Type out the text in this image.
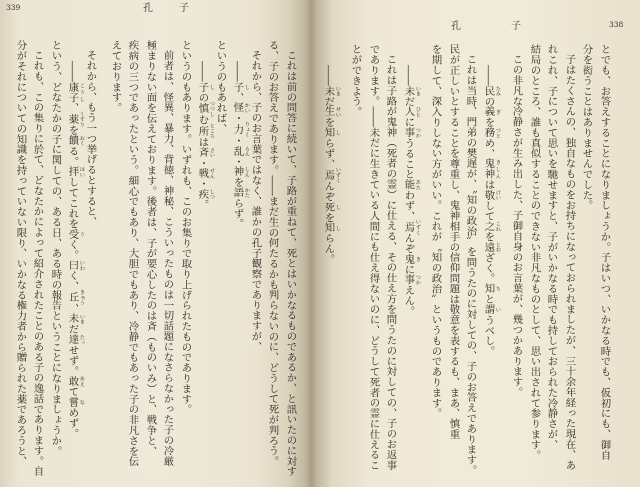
338
孔　子
とでも、お答えすることになりましょうか。子はいつ、いかなる時でも、仮初にも、御自
分を衒うことはありませんでした。
子はたくさんの、独自なものをお持ちになっておられましたが、三十余年経った現在、あ
れこれ、子について思いを馳せますと、子がいかなる時でも持しておられた冷静さが、
結局のところ、誰も真似することのできない非凡なものとして、思い出されて参ります。
この非凡な冷静さが生み出した、子御自身のお言葉が、幾つかあります。
――民 たみの義 ぎを務 つとめ、鬼神 きしんは敬 けいして之 これを遠 とおざく。知 ちと謂 いうべし。
これは当時、門弟の樊遅が、〝知の政治〟を問うたのに対しての、子のお答えであります。
民が正しいとすることを尊重し、鬼神相手の信仰問題は敬意を表するも、まあ、慎重
を期して、深入りしない方がいい。これが〝知の政治〟というものであります。
――未 いまだ人 ひとに事 つかうること能 あたわず、焉 いずくんぞ鬼 きに事 つかえん。
これは子路が鬼神（死者の霊）に仕える、その仕え方を問うたのに対しての、子のお返事
であります。――未だに生きている人間にも仕え得ないのに、どうして死者の霊に仕えるこ
とができよう。
――未 いまだ生 せいを知 しらず、焉 いずくんぞ死 しを知 しらん。
339	孔　子
これは前の問答に続いて、子路が重ねて、死とはいかなるものであるか、と訊いたのに対す
る、子のお答えであります。――まだ生の何たるかも判らないのに、どうして死が判ろう。
それから、子のお言葉ではなく、誰かの孔子観察でありますが、
――子 し、怪 かい・力 りょく・乱 らん・神 しんを語 かたらず。
というのもあれば、
――子 しの慎 つつしむ所 ところは斉 さい・戦 せん・疾 しつ。
というのもあります。いずれも、このお集りで取り上げられたものであります。
前者は、怪異、暴力、背徳、神秘、こういったものは一切話題になさらなかった子の冷厳
極まりない面を伝えております。後者は、子が要心したのは斉（ものいみ）と、戦争と、
疾病の三つであったという。細心でもあり、大胆でもあり、冷静でもあった子の非凡さを伝
えております。
それから、もう一つ挙げるとすると、
――康子 こうし、薬 くすりを饋 おくる。拝 はいしてこれを受 うく。曰 いわく、丘 きゅう、未 いまだ達 たっせず。敢 あえて嘗 なめず。
という、どなたかの子に関しての、ある日、ある時の報告ということになりましょうか。
これも、この集りに於て、どなたかによって紹介されたことのある子の逸話であります。自
分がそれについての知識を持っていない限り、いかなる権力者から贈られた薬であろうと、
